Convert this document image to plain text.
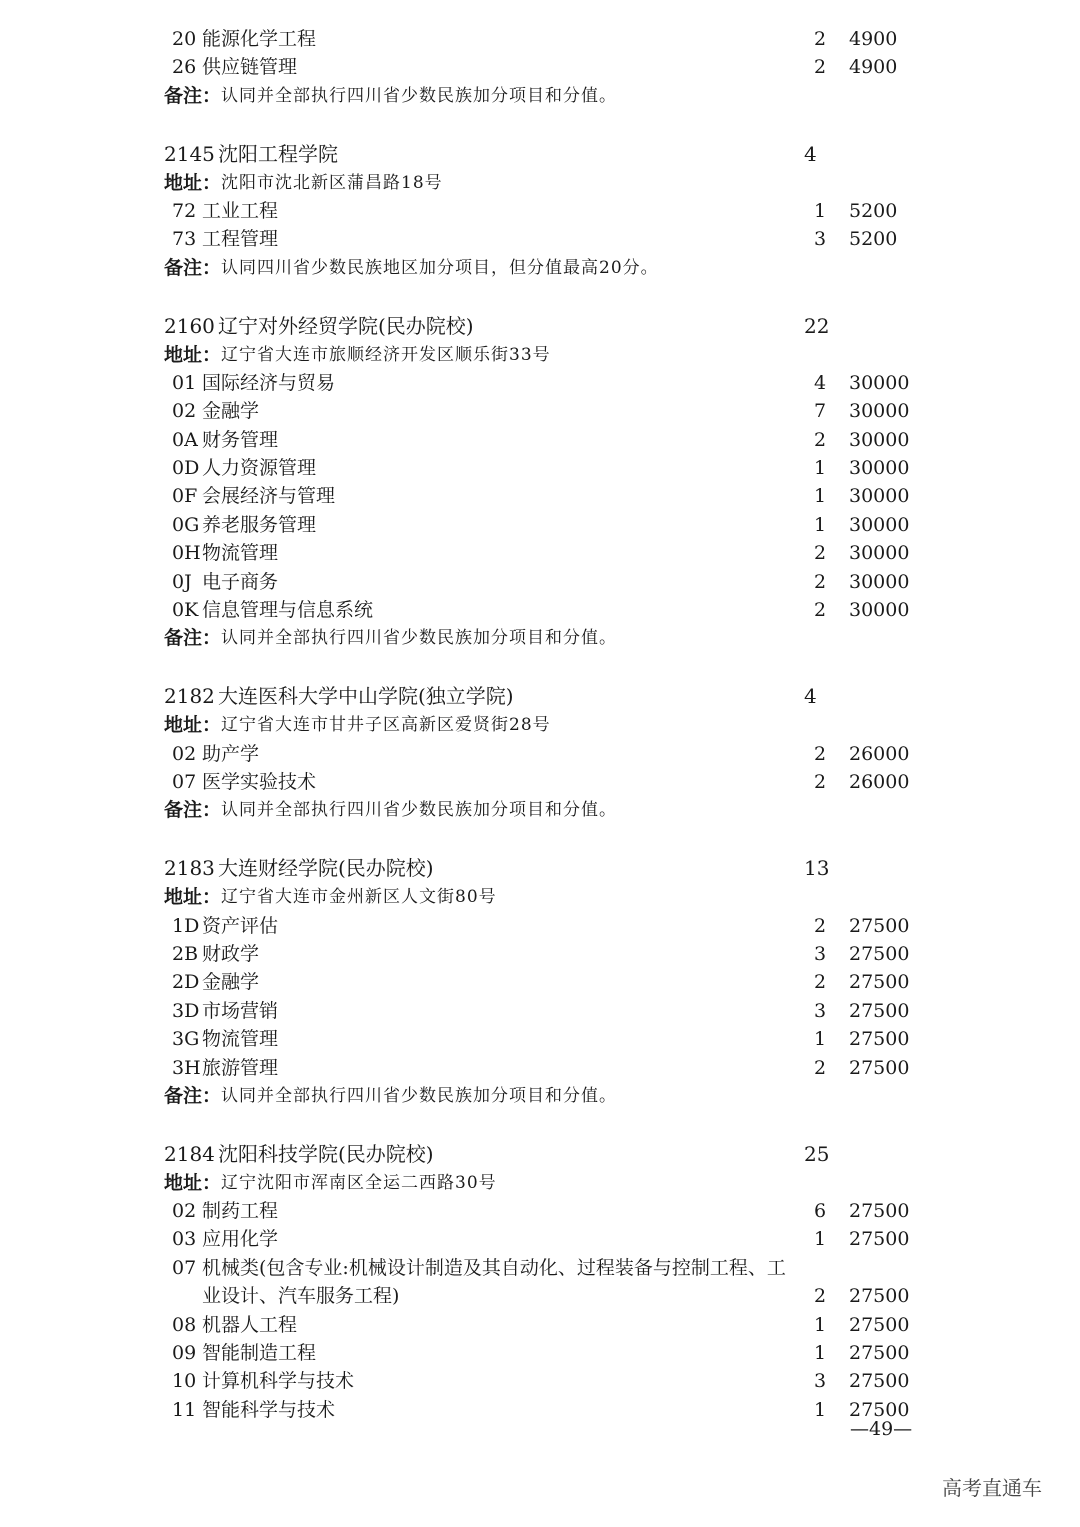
20 能源化学工程	2 4900
26 供应链管理	2 4900
备注： 认同并全部执行四川省少数民族加分项目和分值。
2145 沈阳工程学院	4
地址： 沈阳市沈北新区蒲昌路18号
72 工业工程	1 5200
73 工程管理	3 5200
备注： 认同四川省少数民族地区加分项目，但分值最高20分。
2160 辽宁对外经贸学院(民办院校)	22
地址： 辽宁省大连市旅顺经济开发区顺乐街33号
01 国际经济与贸易	4 30000
02 金融学	7 30000
0A 财务管理	2 30000
0D 人力资源管理	1 30000
0F 会展经济与管理	1 30000
0G 养老服务管理	1 30000
0H 物流管理	2 30000
0J 电子商务	2 30000
0K 信息管理与信息系统	2 30000
备注： 认同并全部执行四川省少数民族加分项目和分值。
2182 大连医科大学中山学院(独立学院)	4
地址： 辽宁省大连市甘井子区高新区爱贤街28号
02 助产学	2 26000
07 医学实验技术	2 26000
备注： 认同并全部执行四川省少数民族加分项目和分值。
2183 大连财经学院(民办院校)	13
地址： 辽宁省大连市金州新区人文街80号
1D 资产评估	2 27500
2B 财政学	3 27500
2D 金融学	2 27500
3D 市场营销	3 27500
3G 物流管理	1 27500
3H 旅游管理	2 27500
备注： 认同并全部执行四川省少数民族加分项目和分值。
2184 沈阳科技学院(民办院校)	25
地址： 辽宁沈阳市浑南区全运二西路30号
02 制药工程	6 27500
03 应用化学	1 27500
07 机械类(包含专业:机械设计制造及其自动化、过程装备与控制工程、工业设计、汽车服务工程)	2 27500
08 机器人工程	1 27500
09 智能制造工程	1 27500
10 计算机科学与技术	3 27500
11 智能科学与技术	1 27500
—49—
高考直通车
